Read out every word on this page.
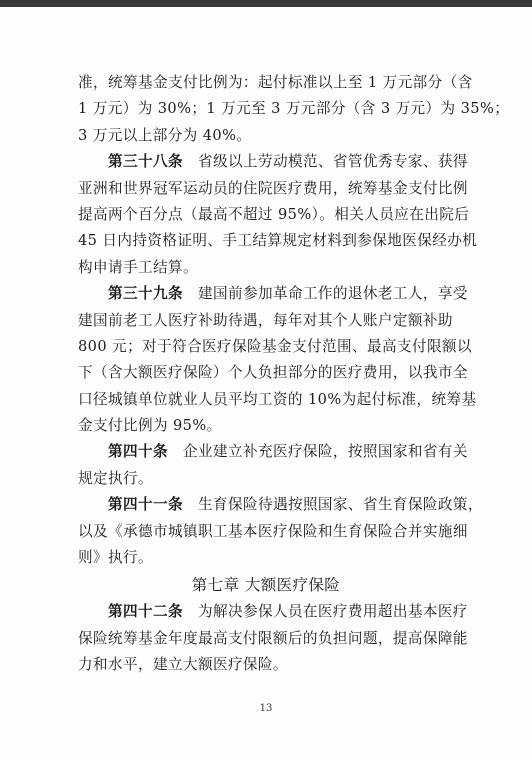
准，统筹基金支付比例为：起付标准以上至 1 万元部分（含
1 万元）为 30%；1 万元至 3 万元部分（含 3 万元）为 35%；
3 万元以上部分为 40%。
　　第三十八条　 省级以上劳动模范、省管优秀专家、获得
亚洲和世界冠军运动员的住院医疗费用，统筹基金支付比例
提高两个百分点（最高不超过 95%）。相关人员应在出院后
45 日内持资格证明、手工结算规定材料到参保地医保经办机
构申请手工结算。
　　第三十九条　 建国前参加革命工作的退休老工人，享受
建国前老工人医疗补助待遇，每年对其个人账户定额补助
800 元；对于符合医疗保险基金支付范围、最高支付限额以
下（含大额医疗保险）个人负担部分的医疗费用，以我市全
口径城镇单位就业人员平均工资的 10%为起付标准，统筹基
金支付比例为 95%。
　　第四十条　 企业建立补充医疗保险，按照国家和省有关
规定执行。
　　第四十一条　 生育保险待遇按照国家、省生育保险政策，
以及《承德市城镇职工基本医疗保险和生育保险合并实施细
则》执行。
第七章 大额医疗保险
　　第四十二条　 为解决参保人员在医疗费用超出基本医疗
保险统筹基金年度最高支付限额后的负担问题，提高保障能
力和水平，建立大额医疗保险。
13
